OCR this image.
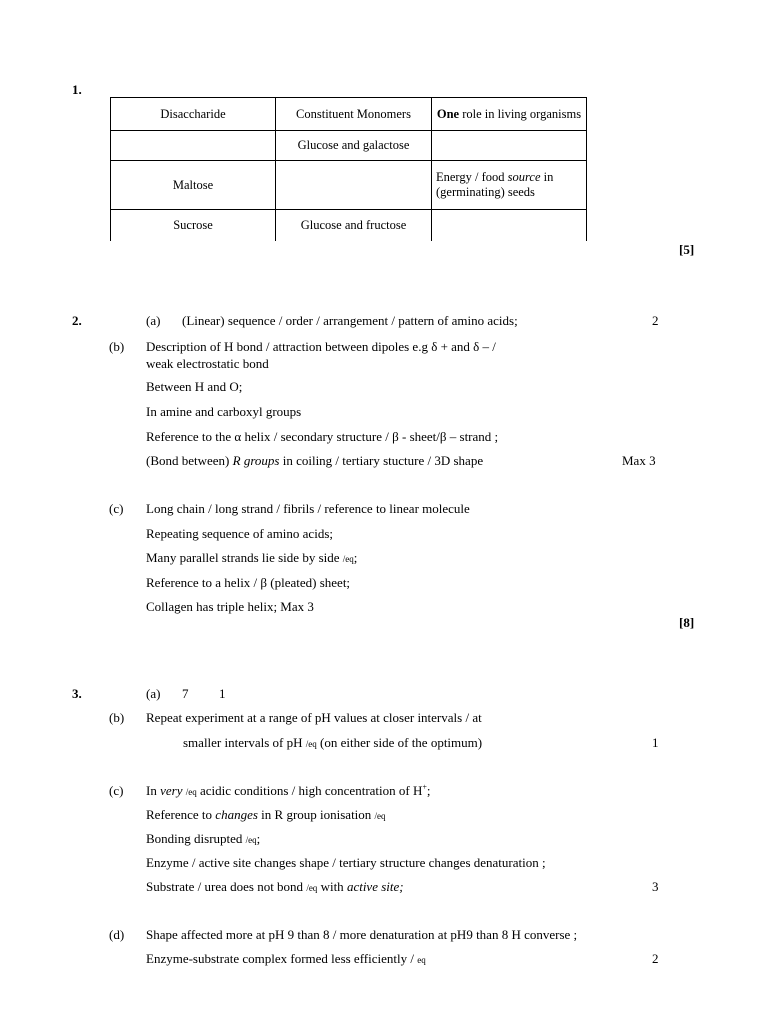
1.
Disaccharide	Constituent Monomers	One role in living organisms
	Glucose and galactose	
Maltose		Energy / food source in (germinating) seeds
Sucrose	Glucose and fructose	
[5]
2.	(a) (Linear) sequence / order / arrangement / pattern of amino acids;	2
(b) Description of H bond / attraction between dipoles e.g δ + and δ – /
weak electrostatic bond
Between H and O;
In amine and carboxyl groups
Reference to the α helix / secondary structure / β - sheet/β – strand ;
(Bond between) R groups in coiling / tertiary stucture / 3D shape	Max 3
(c) Long chain / long strand / fibrils / reference to linear molecule
Repeating sequence of amino acids;
Many parallel strands lie side by side /eq;
Reference to a helix / β (pleated) sheet;
Collagen has triple helix; Max 3
[8]
3.	(a) 7 1
(b) Repeat experiment at a range of pH values at closer intervals / at
smaller intervals of pH /eq (on either side of the optimum)	1
(c) In very /eq acidic conditions / high concentration of H+;
Reference to changes in R group ionisation /eq
Bonding disrupted /eq;
Enzyme / active site changes shape / tertiary structure changes denaturation ;
Substrate / urea does not bond /eq with active site;	3
(d) Shape affected more at pH 9 than 8 / more denaturation at pH9 than 8 H converse ;
Enzyme-substrate complex formed less efficiently / eq	2
